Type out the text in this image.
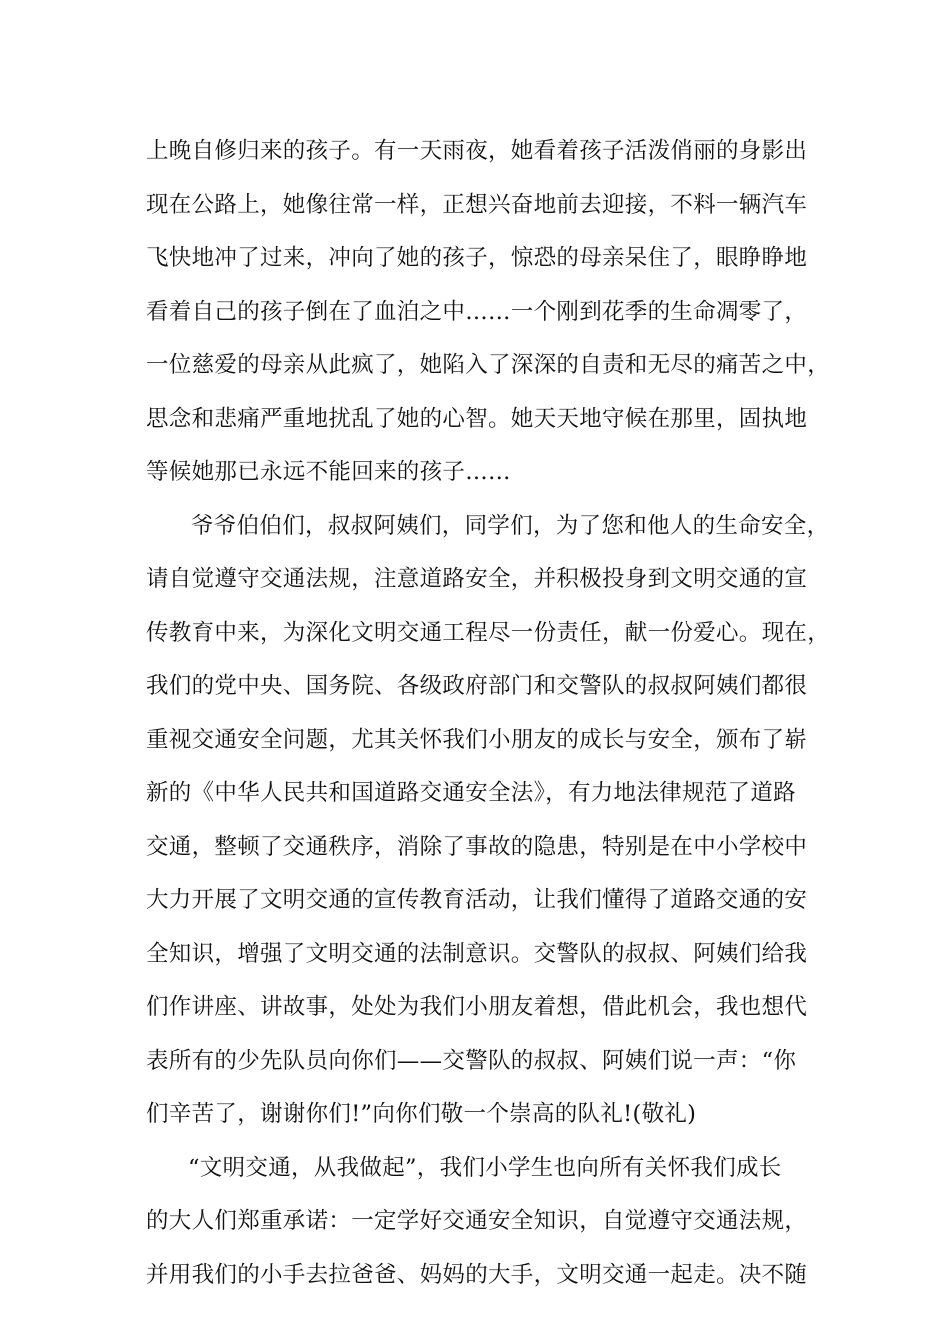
上晚自修归来的孩子。有一天雨夜，她看着孩子活泼俏丽的身影出
现在公路上，她像往常一样，正想兴奋地前去迎接，不料一辆汽车
飞快地冲了过来，冲向了她的孩子，惊恐的母亲呆住了，眼睁睁地
看着自己的孩子倒在了血泊之中……一个刚到花季的生命凋零了，
一位慈爱的母亲从此疯了，她陷入了深深的自责和无尽的痛苦之中，
思念和悲痛严重地扰乱了她的心智。她天天地守候在那里，固执地
等候她那已永远不能回来的孩子……
爷爷伯伯们，叔叔阿姨们，同学们，为了您和他人的生命安全，
请自觉遵守交通法规，注意道路安全，并积极投身到文明交通的宣
传教育中来，为深化文明交通工程尽一份责任，献一份爱心。现在，
我们的党中央、国务院、各级政府部门和交警队的叔叔阿姨们都很
重视交通安全问题，尤其关怀我们小朋友的成长与安全，颁布了崭
新的《中华人民共和国道路交通安全法》，有力地法律规范了道路
交通，整顿了交通秩序，消除了事故的隐患，特别是在中小学校中
大力开展了文明交通的宣传教育活动，让我们懂得了道路交通的安
全知识，增强了文明交通的法制意识。交警队的叔叔、阿姨们给我
们作讲座、讲故事，处处为我们小朋友着想，借此机会，我也想代
表所有的少先队员向你们——交警队的叔叔、阿姨们说一声：“你
们辛苦了，谢谢你们!”向你们敬一个崇高的队礼!(敬礼)
“文明交通，从我做起”，我们小学生也向所有关怀我们成长
的大人们郑重承诺：一定学好交通安全知识，自觉遵守交通法规，
并用我们的小手去拉爸爸、妈妈的大手，文明交通一起走。决不随
